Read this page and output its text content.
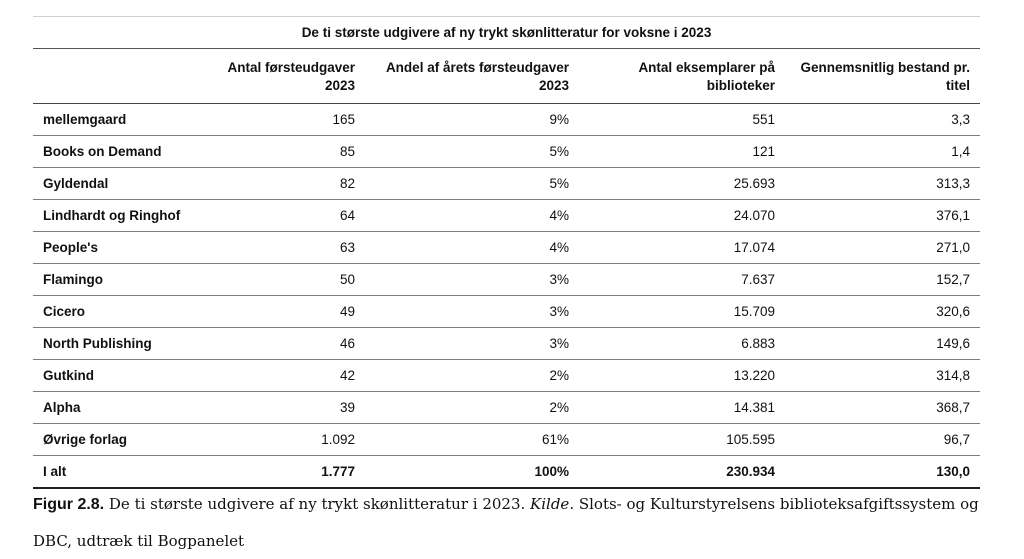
De ti største udgivere af ny trykt skønlitteratur for voksne i 2023				
	Antal førsteudgaver 2023	Andel af årets førsteudgaver 2023	Antal eksemplarer på biblioteker	Gennemsnitlig bestand pr. titel
mellemgaard	165	9%	551	3,3
Books on Demand	85	5%	121	1,4
Gyldendal	82	5%	25.693	313,3
Lindhardt og Ringhof	64	4%	24.070	376,1
People's	63	4%	17.074	271,0
Flamingo	50	3%	7.637	152,7
Cicero	49	3%	15.709	320,6
North Publishing	46	3%	6.883	149,6
Gutkind	42	2%	13.220	314,8
Alpha	39	2%	14.381	368,7
Øvrige forlag	1.092	61%	105.595	96,7
I alt	1.777	100%	230.934	130,0
Figur 2.8. De ti største udgivere af ny trykt skønlitteratur i 2023. Kilde. Slots- og Kulturstyrelsens biblioteksafgiftssystem og DBC, udtræk til Bogpanelet
